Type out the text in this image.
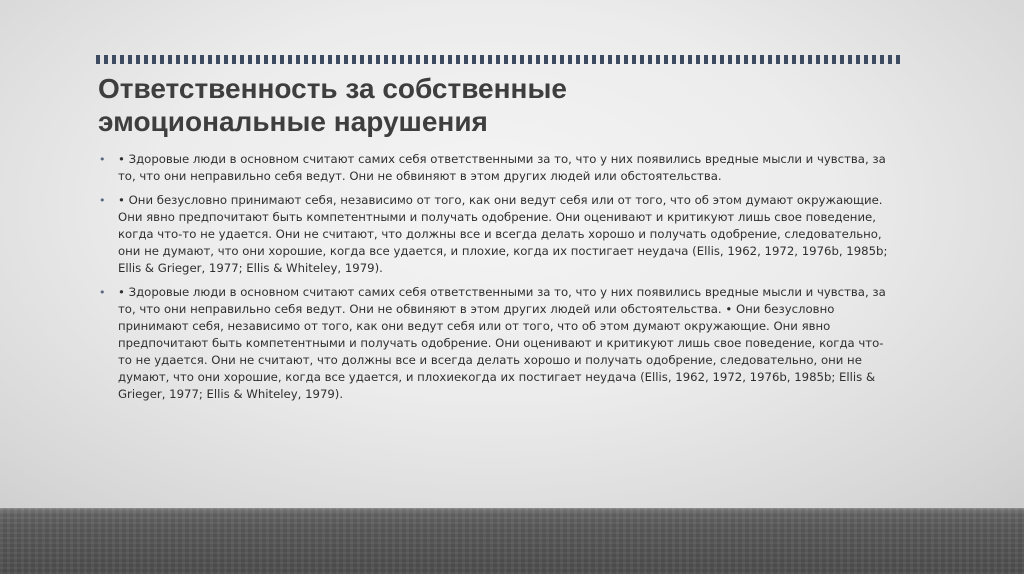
Ответственность за собственные
эмоциональные нарушения
• • Здоровые люди в основном считают самих себя ответственными за то, что у них появились вредные мысли и чувства, за то, что они неправильно себя ведут. Они не обвиняют в этом других людей или обстоятельства.
• • Они безусловно принимают себя, независимо от того, как они ведут себя или от того, что об этом думают окружающие. Они явно предпочитают быть компетентными и получать одобрение. Они оценивают и критикуют лишь свое поведение, когда что-то не удается. Они не считают, что должны все и всегда делать хорошо и получать одобрение, следовательно, они не думают, что они хорошие, когда все удается, и плохие, когда их постигает неудача (Ellis, 1962, 1972, 1976b, 1985b; Ellis & Grieger, 1977; Ellis & Whiteley, 1979).
• • Здоровые люди в основном считают самих себя ответственными за то, что у них появились вредные мысли и чувства, за то, что они неправильно себя ведут. Они не обвиняют в этом других людей или обстоятельства. • Они безусловно принимают себя, независимо от того, как они ведут себя или от того, что об этом думают окружающие. Они явно предпочитают быть компетентными и получать одобрение. Они оценивают и критикуют лишь свое поведение, когда что-то не удается. Они не считают, что должны все и всегда делать хорошо и получать одобрение, следовательно, они не думают, что они хорошие, когда все удается, и плохиекогда их постигает неудача (Ellis, 1962, 1972, 1976b, 1985b; Ellis & Grieger, 1977; Ellis & Whiteley, 1979).
